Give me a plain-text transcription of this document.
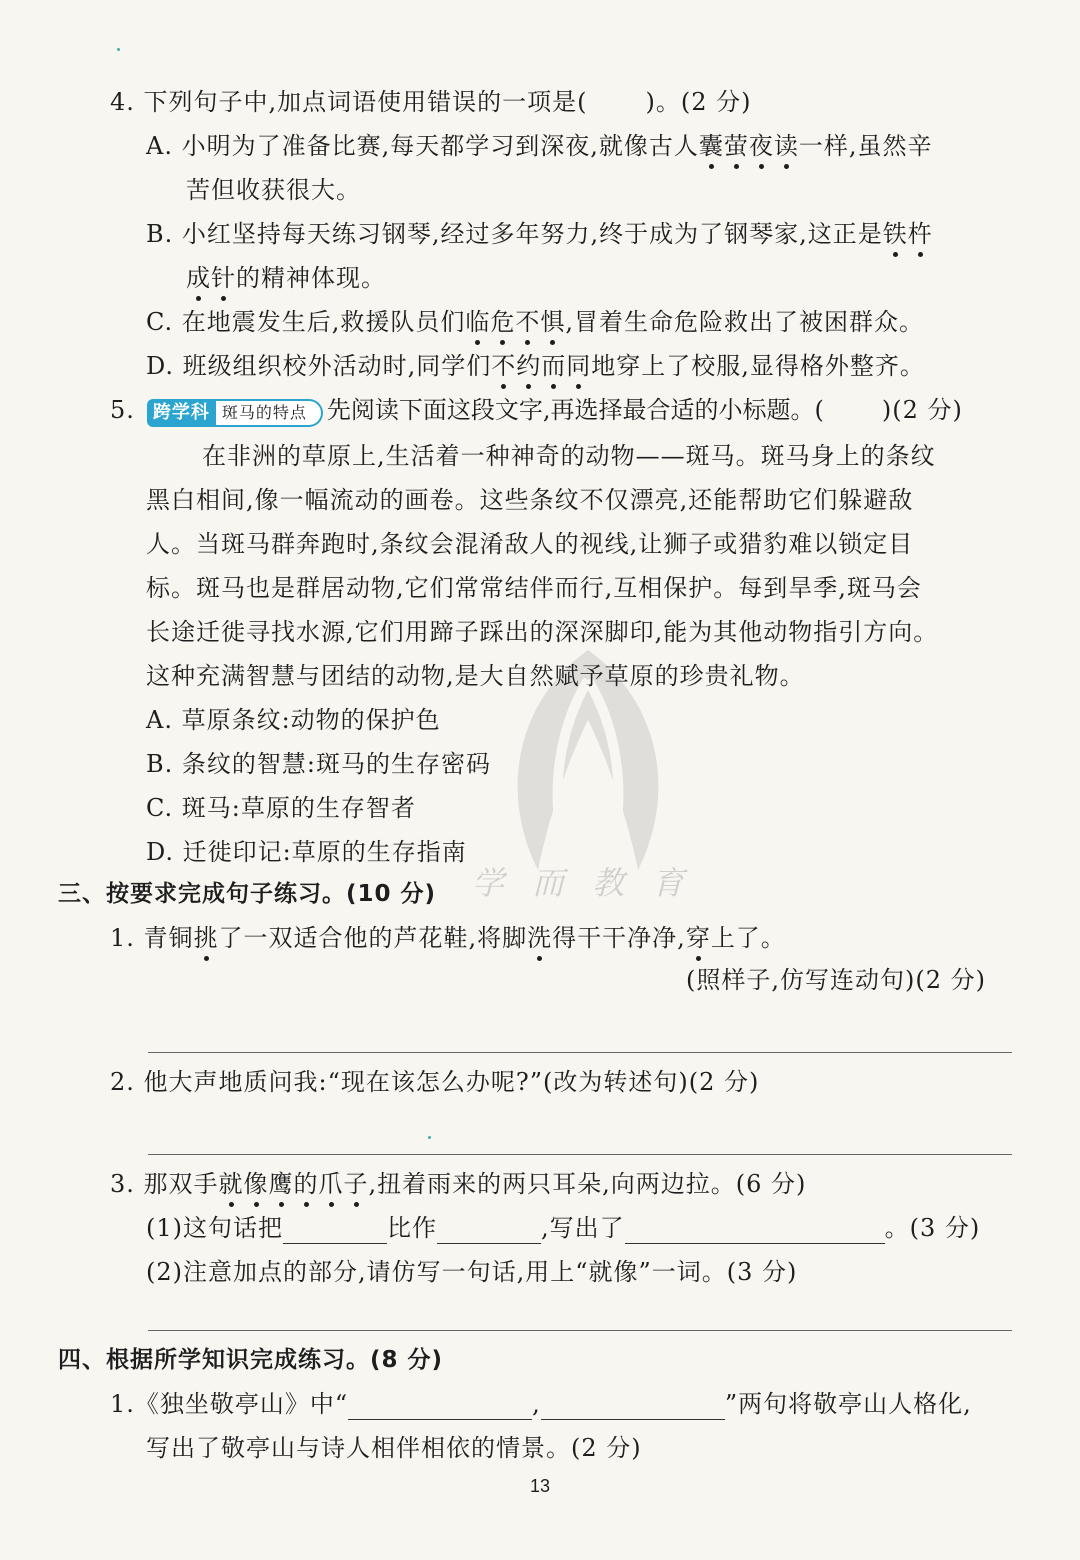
学而教育
4. 下列句子中,加点词语使用错误的一项是( )。(2 分)
A. 小明为了准备比赛,每天都学习到深夜,就像古人囊萤夜读一样,虽然辛
苦但收获很大。
B. 小红坚持每天练习钢琴,经过多年努力,终于成为了钢琴家,这正是铁杵
成针的精神体现。
C. 在地震发生后,救援队员们临危不惧,冒着生命危险救出了被困群众。
D. 班级组织校外活动时,同学们不约而同地穿上了校服,显得格外整齐。
5. 跨学科 斑马的特点 先阅读下面这段文字,再选择最合适的小标题。( )(2 分)
在非洲的草原上,生活着一种神奇的动物——斑马。斑马身上的条纹
黑白相间,像一幅流动的画卷。这些条纹不仅漂亮,还能帮助它们躲避敌
人。当斑马群奔跑时,条纹会混淆敌人的视线,让狮子或猎豹难以锁定目
标。斑马也是群居动物,它们常常结伴而行,互相保护。每到旱季,斑马会
长途迁徙寻找水源,它们用蹄子踩出的深深脚印,能为其他动物指引方向。
这种充满智慧与团结的动物,是大自然赋予草原的珍贵礼物。
A. 草原条纹:动物的保护色
B. 条纹的智慧:斑马的生存密码
C. 斑马:草原的生存智者
D. 迁徙印记:草原的生存指南
三、按要求完成句子练习。(10 分)
1. 青铜挑了一双适合他的芦花鞋,将脚洗得干干净净,穿上了。
(照样子,仿写连动句)(2 分)
2. 他大声地质问我:“现在该怎么办呢?”(改为转述句)(2 分)
3. 那双手就像鹰的爪子,扭着雨来的两只耳朵,向两边拉。(6 分)
(1)这句话把	比作	,写出了	。(3 分)
(2)注意加点的部分,请仿写一句话,用上“就像”一词。(3 分)
四、根据所学知识完成练习。(8 分)
1.《独坐敬亭山》中“	,	”两句将敬亭山人格化,
写出了敬亭山与诗人相伴相依的情景。(2 分)
13
